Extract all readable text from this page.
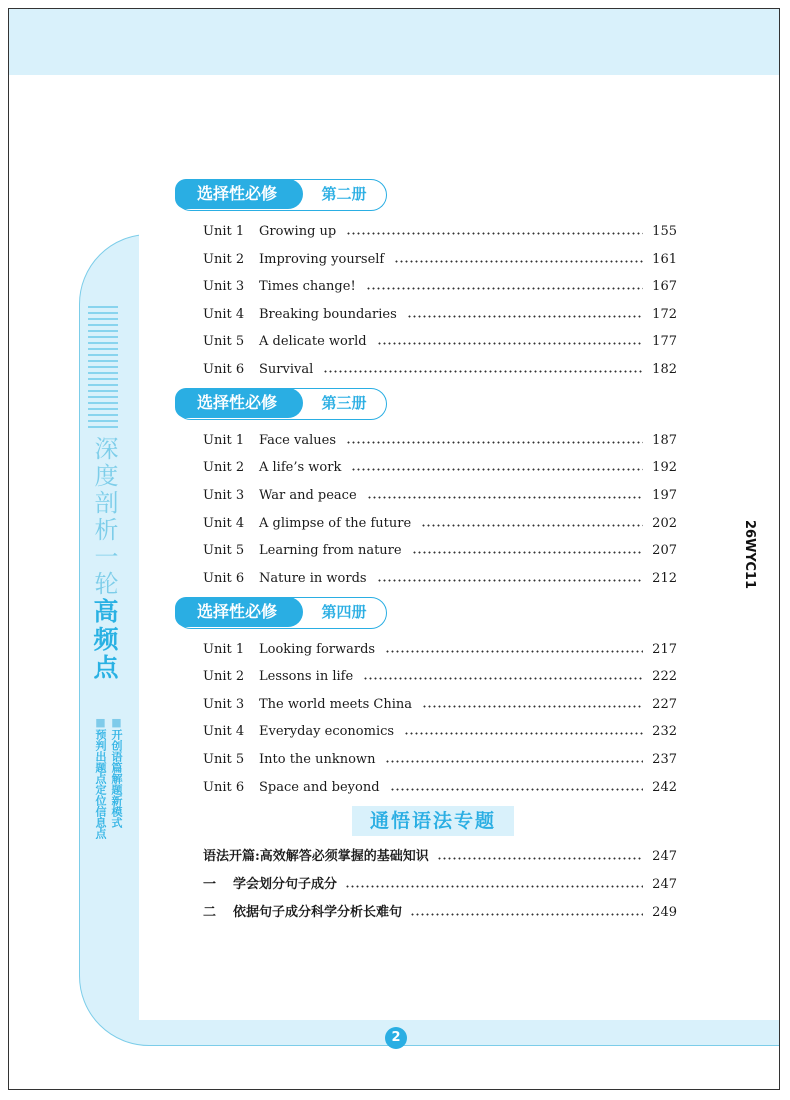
深度剖析一轮高频点
■开创语篇解题新模式
■预判出题点定位信息点
26WYC11
选择性必修	第二册
Unit 1	Growing up	155
Unit 2	Improving yourself	161
Unit 3	Times change!	167
Unit 4	Breaking boundaries	172
Unit 5	A delicate world	177
Unit 6	Survival	182
选择性必修	第三册
Unit 1	Face values	187
Unit 2	A life’s work	192
Unit 3	War and peace	197
Unit 4	A glimpse of the future	202
Unit 5	Learning from nature	207
Unit 6	Nature in words	212
选择性必修	第四册
Unit 1	Looking forwards	217
Unit 2	Lessons in life	222
Unit 3	The world meets China	227
Unit 4	Everyday economics	232
Unit 5	Into the unknown	237
Unit 6	Space and beyond	242
通悟语法专题
语法开篇:高效解答必须掌握的基础知识	247
一	学会划分句子成分	247
二	依据句子成分科学分析长难句	249
2
